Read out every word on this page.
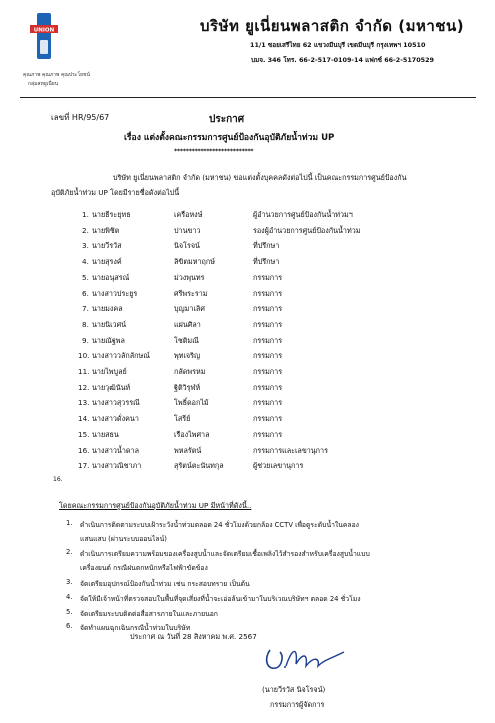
UNION	บริษัท ยูเนี่ยนพลาสติก จำกัด (มหาชน)
11/1 ซอยเสรีไทย 62 แขวงมีนบุรี เขตมีนบุรี กรุงเทพฯ 10510
บมจ. 346 โทร. 66-2-517-0109-14 แฟกซ์ 66-2-5170529
คุณภาพ คุณภาพ คุณประโยชน์
กลุ่มสหยูเนี่ยน
เลขที่ HR/95/67	ประกาศ
เรื่อง แต่งตั้งคณะกรรมการศูนย์ป้องกันอุบัติภัยน้ำท่วม UP
***************************
บริษัท ยูเนี่ยนพลาสติก จำกัด (มหาชน) ขอแต่งตั้งบุคคลดังต่อไปนี้ เป็นคณะกรรมการศูนย์ป้องกัน
อุบัติภัยน้ำท่วม UP โดยมีรายชื่อดังต่อไปนี้
1. นายธีระยุทธ	เครือหงษ์	ผู้อำนวยการศูนย์ป้องกันน้ำท่วมฯ
2. นายพิชิต	ปานขาว	รองผู้อำนวยการศูนย์ป้องกันน้ำท่วม
3. นายวีรวัส	นิจโรจน์	ที่ปรึกษา
4. นายสุรงค์	ลิขิตมหาฤกษ์	ที่ปรึกษา
5. นายอนุสรณ์	ม่วงพุนทร	กรรมการ
6. นางสาวประยูร	ศรีพระราม	กรรมการ
7. นายมงคล	บุญมาเลิศ	กรรมการ
8. นายนิเวศน์	แผ่นศิลา	กรรมการ
9. นายณัฐพล	โชติมณี	กรรมการ
10. นางสาววลักลักษณ์	พุทเจริญ	กรรมการ
11. นายไพบูลย์	กลัดพรหม	กรรมการ
12. นายวุฒินันท์	ฐิติวิรุฬห์	กรรมการ
13. นางสาวสุวรรณี	โพธิ์ดอกไม้	กรรมการ
14. นางสาวดั่งคนา	โสรีย์	กรรมการ
15. นายสธน	เรืองไพศาล	กรรมการ
16. นางสาวน้ำดาล	พหลรัตน์	กรรมการและเลขานุการ
17. นางสาวณิชาภา	สุรัตน์ตะนันทกุล	ผู้ช่วยเลขานุการ
16.
โดยคณะกรรมการศูนย์ป้องกันอุบัติภัยน้ำท่วม UP มีหน้าที่ดังนี้..
1. ดำเนินการติดตามระบบเฝ้าระวังน้ำท่วมตลอด 24 ชั่วโมงด้วยกล้อง CCTV เพื่อดูระดับน้ำในคลอง
แสนแสบ (ผ่านระบบออนไลน์)
2. ดำเนินการเตรียมความพร้อมของเครื่องสูบน้ำและจัดเตรียมเชื้อเพลิงไว้สำรองสำหรับเครื่องสูบน้ำแบบ
เครื่องยนต์ กรณีฝนตกหนักหรือไฟฟ้าขัดข้อง
3. จัดเตรียมอุปกรณ์ป้องกันน้ำท่วม เช่น กระสอบทราย เป็นต้น
4. จัดให้มีเจ้าหน้าที่ตรวจสอบในพื้นที่จุดเสี่ยงที่น้ำจะเอ่อล้นเข้ามาในบริเวณบริษัทฯ ตลอด 24 ชั่วโมง
5. จัดเตรียมระบบติดต่อสื่อสารภายในและภายนอก
6. จัดทำแผนฉุกเฉินกรณีน้ำท่วมในบริษัท
ประกาศ ณ วันที่ 28 สิงหาคม พ.ศ. 2567
(นายวีรวัส นิจโรจน์)
กรรมการผู้จัดการ
